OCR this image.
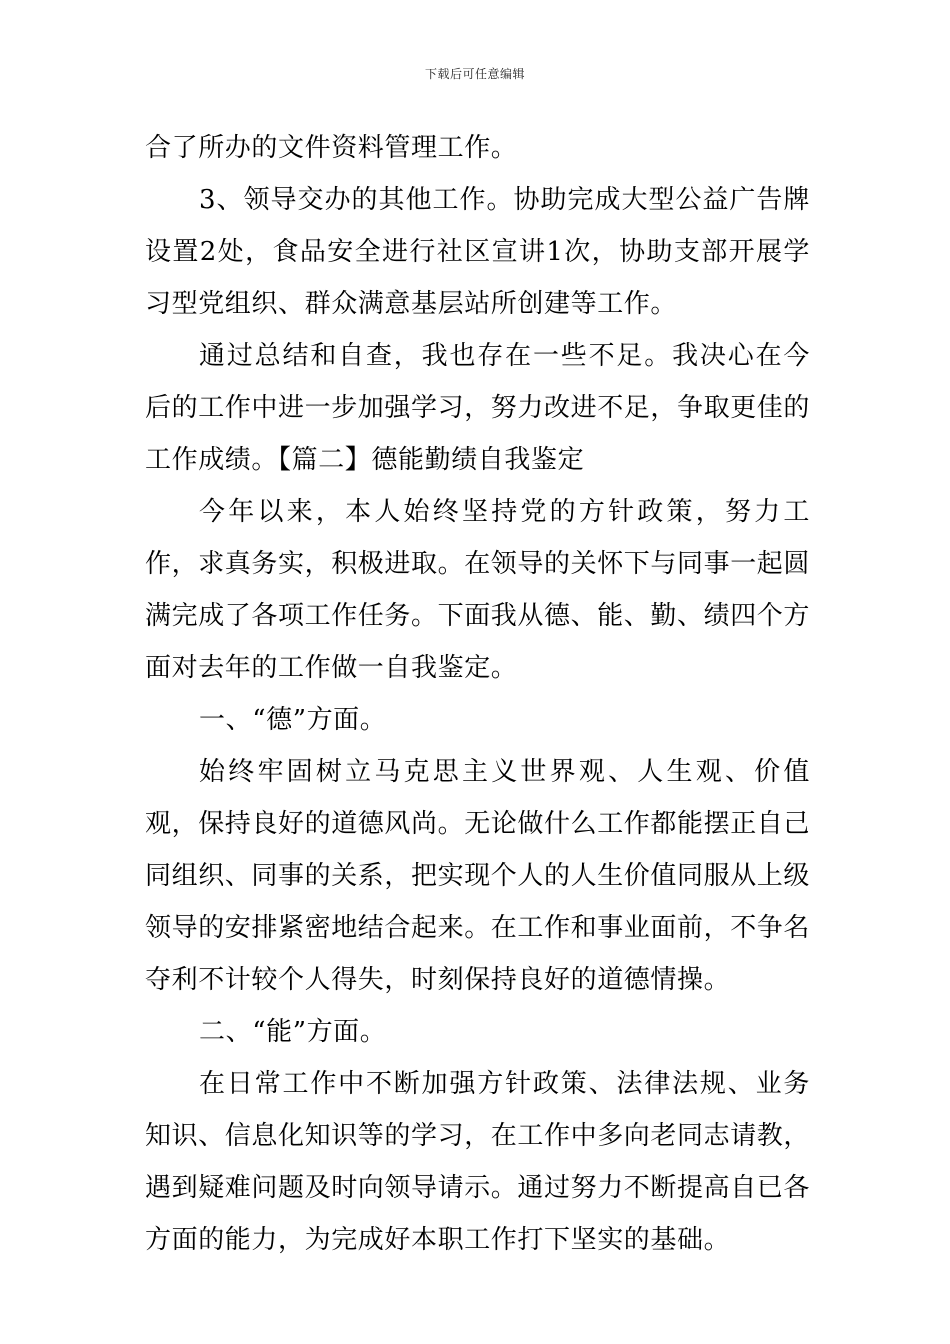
下载后可任意编辑

合了所办的文件资料管理工作。

3、领导交办的其他工作。协助完成大型公益广告牌设置2处，食品安全进行社区宣讲1次，协助支部开展学习型党组织、群众满意基层站所创建等工作。

通过总结和自查，我也存在一些不足。我决心在今后的工作中进一步加强学习，努力改进不足，争取更佳的工作成绩。【篇二】德能勤绩自我鉴定

今年以来，本人始终坚持党的方针政策，努力工作，求真务实，积极进取。在领导的关怀下与同事一起圆满完成了各项工作任务。下面我从德、能、勤、绩四个方面对去年的工作做一自我鉴定。

一、“德”方面。

始终牢固树立马克思主义世界观、人生观、价值观，保持良好的道德风尚。无论做什么工作都能摆正自己同组织、同事的关系，把实现个人的人生价值同服从上级领导的安排紧密地结合起来。在工作和事业面前，不争名夺利不计较个人得失，时刻保持良好的道德情操。

二、“能”方面。

在日常工作中不断加强方针政策、法律法规、业务知识、信息化知识等的学习，在工作中多向老同志请教，遇到疑难问题及时向领导请示。通过努力不断提高自已各方面的能力，为完成好本职工作打下坚实的基础。
